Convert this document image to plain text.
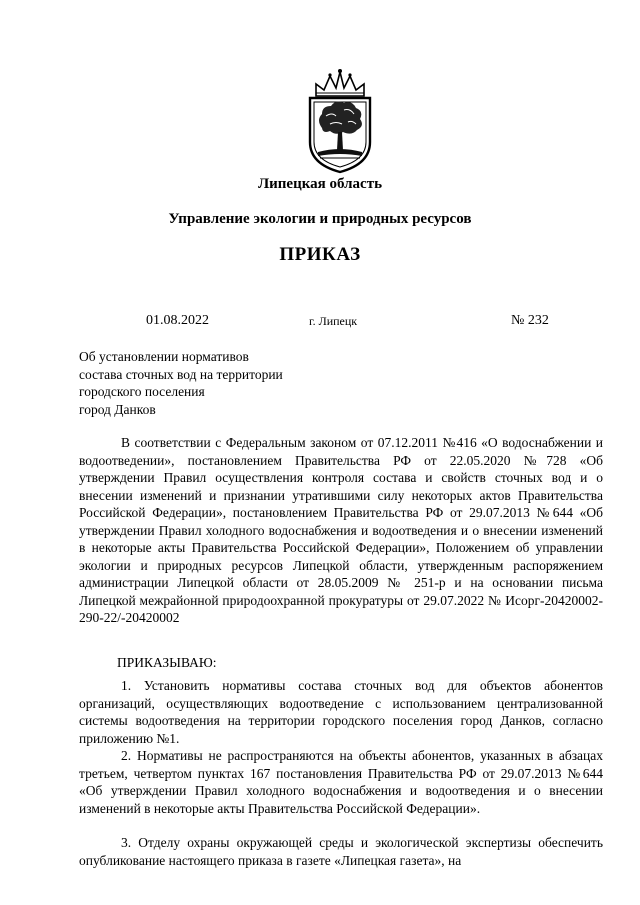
Липецкая область
Управление экологии и природных ресурсов
ПРИКАЗ
01.08.2022	г. Липецк	№ 232
Об установлении нормативов
состава сточных вод на территории
городского поселения
город Данков
В соответствии с Федеральным законом от 07.12.2011 №416 «О водоснабжении и водоотведении», постановлением Правительства РФ от 22.05.2020 №728 «Об утверждении Правил осуществления контроля состава и свойств сточных вод и о внесении изменений и признании утратившими силу некоторых актов Правительства Российской Федерации», постановлением Правительства РФ от 29.07.2013 №644 «Об утверждении Правил холодного водоснабжения и водоотведения и о внесении изменений в некоторые акты Правительства Российской Федерации», Положением об управлении экологии и природных ресурсов Липецкой области, утвержденным распоряжением администрации Липецкой области от 28.05.2009 № 251-р и на основании письма Липецкой межрайонной природоохранной прокуратуры от 29.07.2022 № Исорг-20420002-290-22/-20420002
ПРИКАЗЫВАЮ:
1. Установить нормативы состава сточных вод для объектов абонентов организаций, осуществляющих водоотведение с использованием централизованной системы водоотведения на территории городского поселения город Данков, согласно приложению №1.
2. Нормативы не распространяются на объекты абонентов, указанных в абзацах третьем, четвертом пунктах 167 постановления Правительства РФ от 29.07.2013 №644 «Об утверждении Правил холодного водоснабжения и водоотведения и о внесении изменений в некоторые акты Правительства Российской Федерации».
3. Отделу охраны окружающей среды и экологической экспертизы обеспечить опубликование настоящего приказа в газете «Липецкая газета», на
